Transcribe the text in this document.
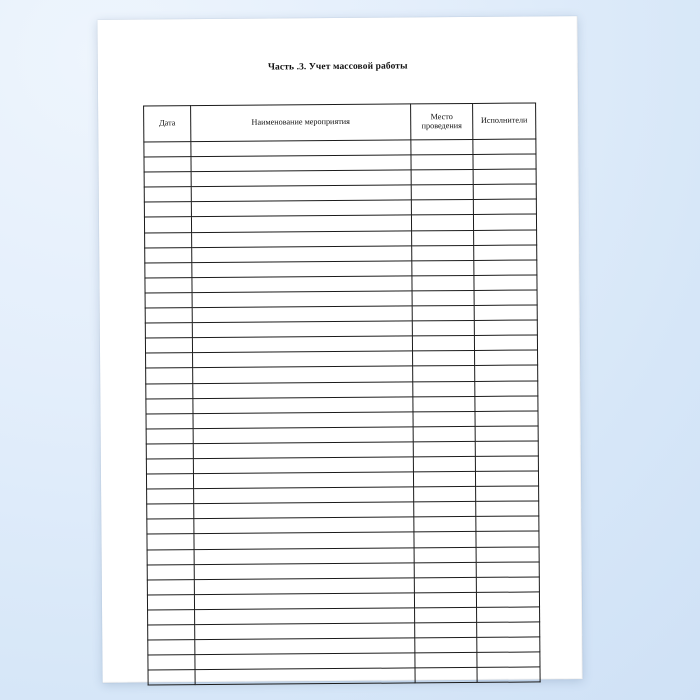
Часть .3. Учет массовой работы
Дата	Наименование мероприятия	Место проведения	Исполнители
